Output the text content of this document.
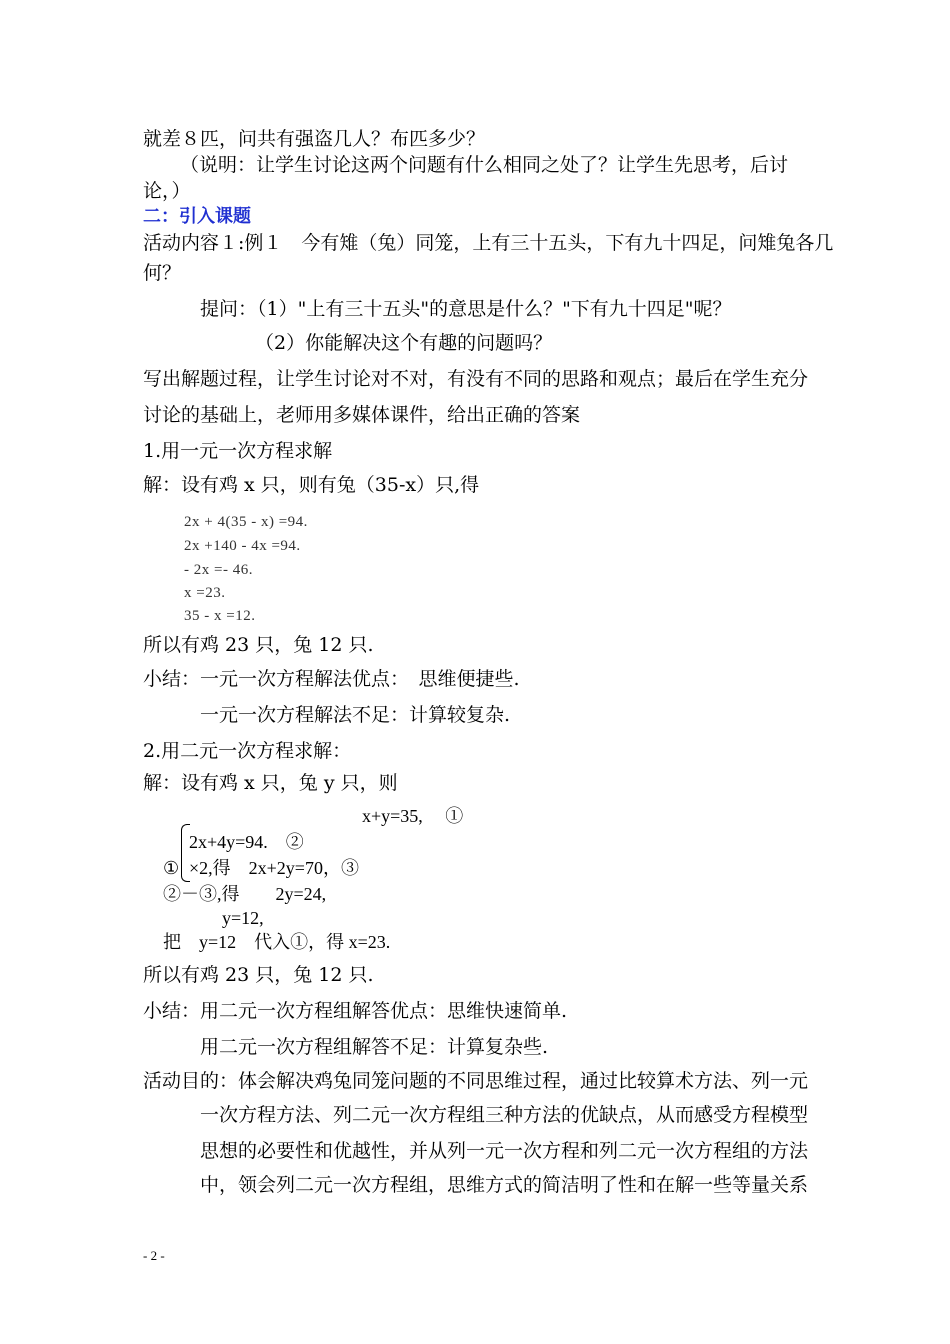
就差８匹，问共有强盗几人？布匹多少？
（说明：让学生讨论这两个问题有什么相同之处了？让学生先思考，后讨
论，）
二：引入课题
活动内容１:例１　今有雉（兔）同笼，上有三十五头，下有九十四足，问雉兔各几
何？
提问：（1）"上有三十五头"的意思是什么？"下有九十四足"呢？
（2）你能解决这个有趣的问题吗？
写出解题过程，让学生讨论对不对，有没有不同的思路和观点；最后在学生充分
讨论的基础上，老师用多媒体课件，给出正确的答案
1.用一元一次方程求解
解：设有鸡 x 只，则有兔（35-x）只,得
2x + 4(35 - x) =94.
2x +140 - 4x =94.
- 2x =- 46.
x =23.
35 - x =12.
所以有鸡 23 只，兔 12 只.
小结：一元一次方程解法优点：　思维便捷些.
一元一次方程解法不足：计算较复杂.
2.用二元一次方程求解：
解：设有鸡 x 只，兔 y 只，则
x+y=35,　 ①
2x+4y=94.　②
① ×2,得　2x+2y=70，③
②－③,得　　2y=24,
y=12,
把　y=12　代入①，得 x=23.
所以有鸡 23 只，兔 12 只.
小结：用二元一次方程组解答优点：思维快速简单.
用二元一次方程组解答不足：计算复杂些.
活动目的：体会解决鸡兔同笼问题的不同思维过程，通过比较算术方法、列一元
一次方程方法、列二元一次方程组三种方法的优缺点，从而感受方程模型
思想的必要性和优越性，并从列一元一次方程和列二元一次方程组的方法
中，领会列二元一次方程组，思维方式的简洁明了性和在解一些等量关系
- 2 -
